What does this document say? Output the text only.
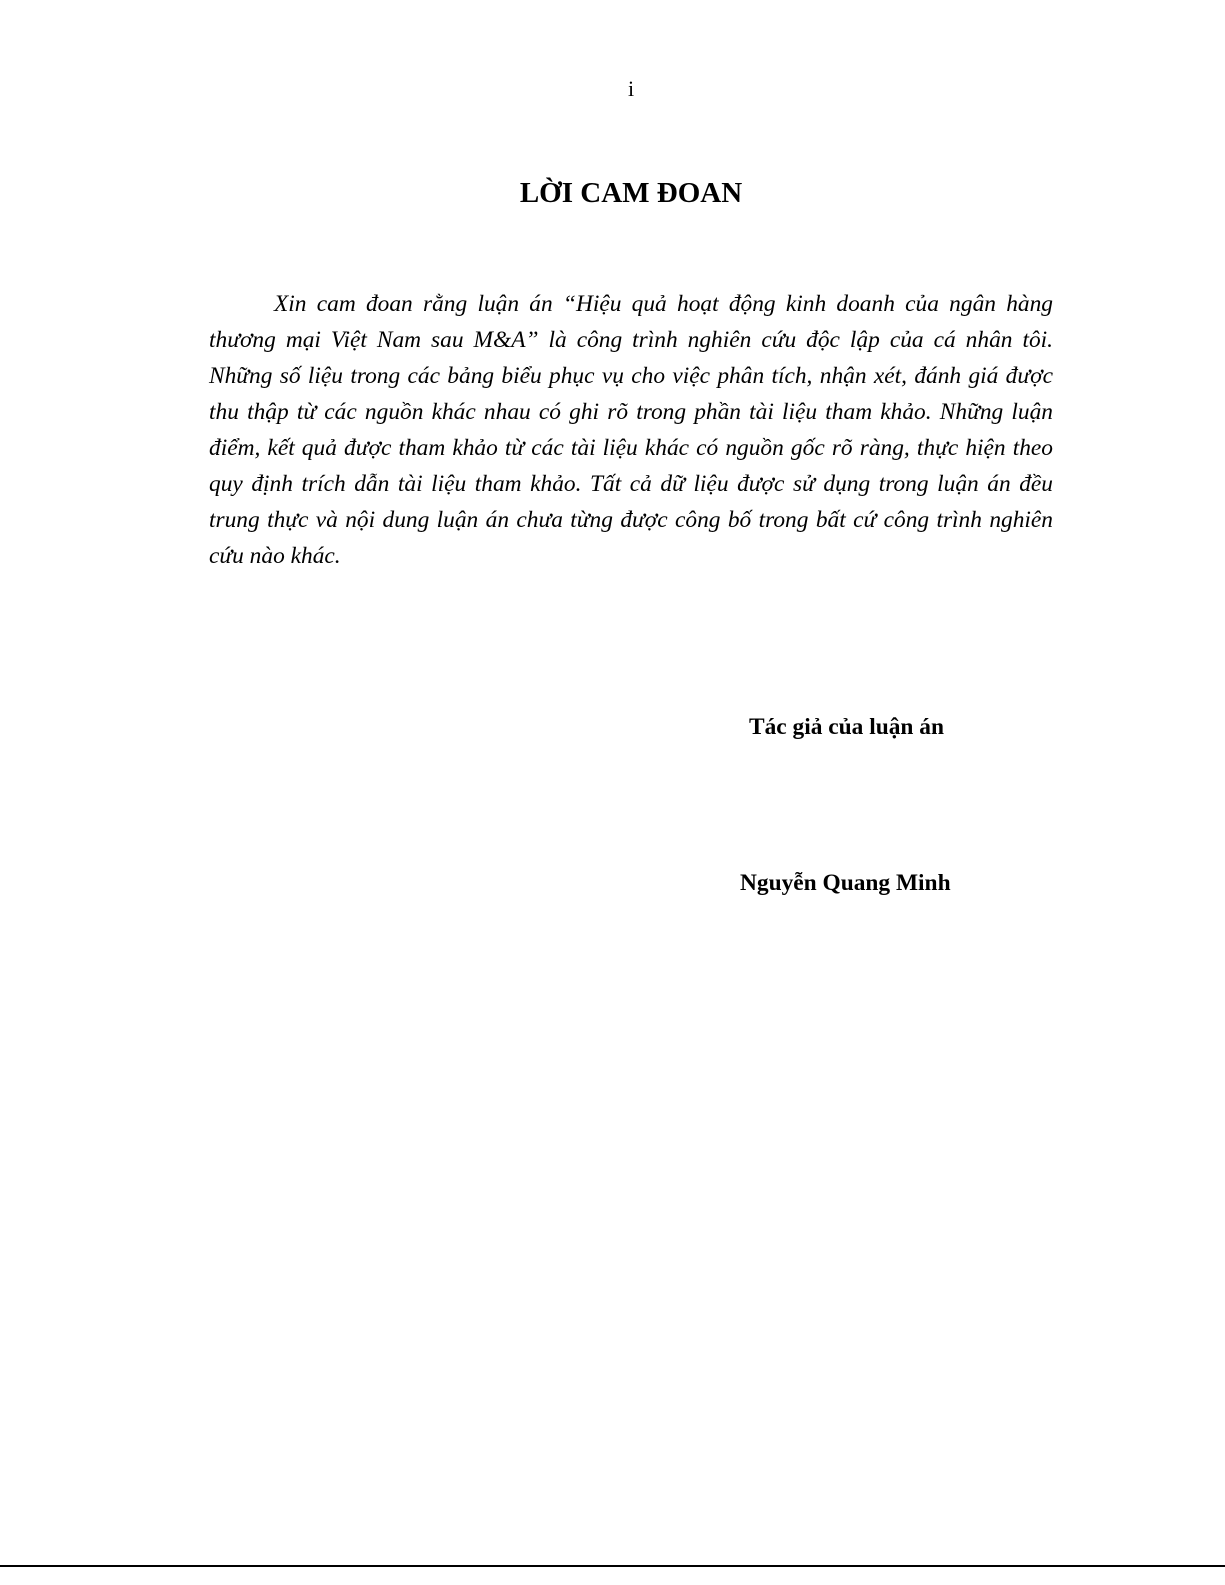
i
LỜI CAM ĐOAN

Xin cam đoan rằng luận án “Hiệu quả hoạt động kinh doanh của ngân hàng thương mại Việt Nam sau M&A” là công trình nghiên cứu độc lập của cá nhân tôi. Những số liệu trong các bảng biểu phục vụ cho việc phân tích, nhận xét, đánh giá được thu thập từ các nguồn khác nhau có ghi rõ trong phần tài liệu tham khảo. Những luận điểm, kết quả được tham khảo từ các tài liệu khác có nguồn gốc rõ ràng, thực hiện theo quy định trích dẫn tài liệu tham khảo. Tất cả dữ liệu được sử dụng trong luận án đều trung thực và nội dung luận án chưa từng được công bố trong bất cứ công trình nghiên cứu nào khác.

Tác giả của luận án
Nguyễn Quang Minh
